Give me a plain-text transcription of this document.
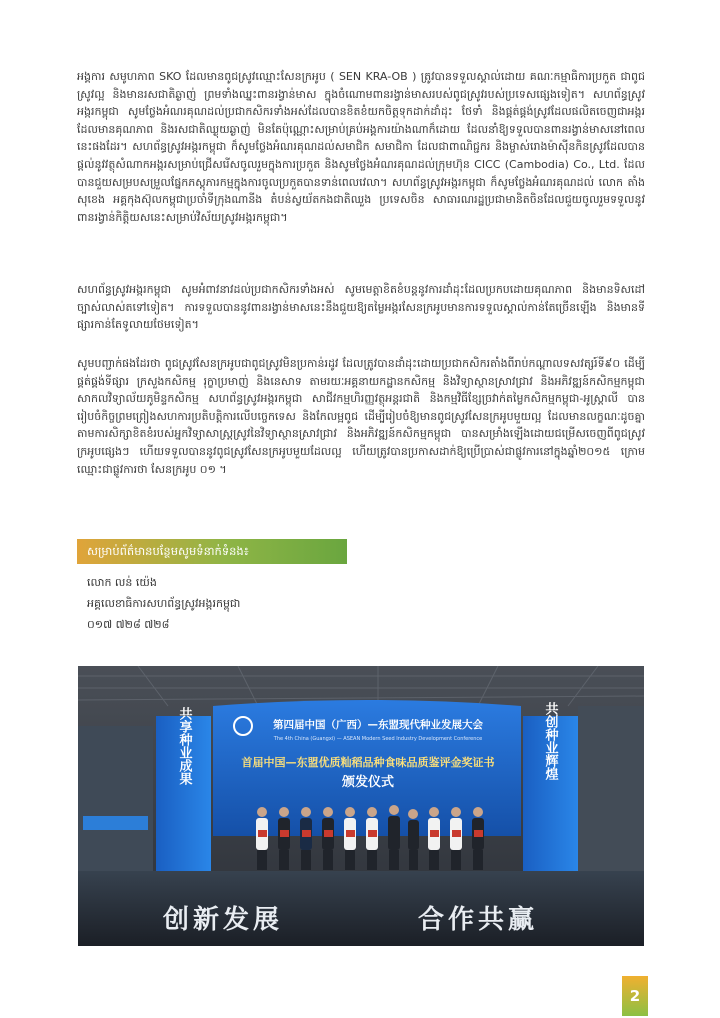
អង្គការ សមូហភាព SKO ដែលមានពូជស្រូវឈ្មោះសែនក្រអូប ( SEN KRA-OB ) ត្រូវបានទទួលស្គាល់ដោយ គណៈកម្មាធិការប្រកួត ជាពូជស្រូវល្អ និងមានរសជាតិឆ្ងាញ់ ព្រមទាំងឈ្នះពានរង្វាន់មាស ក្នុងចំណោមពានរង្វាន់មាសរបស់ពូជស្រូវរបស់ប្រទេសផ្សេងទៀត។ សហព័ន្ធស្រូវអង្ករកម្ពុជា សូមថ្លែងអំណរគុណដល់ប្រជាកសិករទាំងអស់ដែលបានខិតខំយកចិត្តទុកដាក់ដាំដុះ ថែទាំ និងផ្គត់ផ្គង់ស្រូវដែលផលិតចេញជាអង្ករដែលមានគុណភាព និងរសជាតិឈ្ងុយឆ្ងាញ់ មិនតែប៉ុណ្ណោះសម្រាប់គ្រប់អង្គការយ៉ាងណាក៏ដោយ ដែលនាំឱ្យទទួលបានពានរង្វាន់មាសនៅពេលនេះផងដែរ។ សហព័ន្ធស្រូវអង្ករកម្ពុជា ក៏សូមថ្លែងអំណរគុណដល់សមាជិក សមាជិកា ដែលជាពាណិជ្ជករ និងម្ចាស់រោងម៉ាស៊ីនកិនស្រូវដែលបានផ្តល់នូវវត្ថុសំណាកអង្ករសម្រាប់ជ្រើសរើសចូលរួមក្នុងការប្រកួត និងសូមថ្លែងអំណរគុណដល់ក្រុមហ៊ុន CICC (Cambodia) Co., Ltd. ដែលបានជួយសម្របសម្រួលផ្នែកភស្តុភារកម្មក្នុងការចូលប្រកួតបានទាន់ពេលវេលា។ សហព័ន្ធស្រូវអង្ករកម្ពុជា ក៏សូមថ្លែងអំណរគុណដល់ លោក តាំង សុខេង អគ្គកុងស៊ុលកម្ពុជាប្រចាំទីក្រុងណានីង តំបន់ស្វយ័តកងជាតិឈួង ប្រទេសចិន សាធារណរដ្ឋប្រជាមានិតចិនដែលជួយចូលរួមទទួលនូវពានរង្វាន់កិត្តិយសនេះសម្រាប់វិស័យស្រូវអង្ករកម្ពុជា។

សហព័ន្ធស្រូវអង្ករកម្ពុជា សូមអំពាវនាវដល់ប្រជាកសិករទាំងអស់ សូមមេត្តាខិតខំបន្តនូវការដាំដុះដែលប្រកបដោយគុណភាព និងមានទិសដៅច្បាស់លាស់តទៅទៀត។ ការទទួលបាននូវពានរង្វាន់មាសនេះនឹងជួយឱ្យតម្លៃអង្ករសែនក្រអូបមានការទទួលស្គាល់កាន់តែច្រើនឡើង និងមានទីផ្សារកាន់តែទូលាយថែមទៀត។

សូមបញ្ជាក់ផងដែរថា ពូជស្រូវសែនក្រអូបជាពូជស្រូវមិនប្រកាន់រដូវ ដែលត្រូវបានដាំដុះដោយប្រជាកសិករតាំងពីរាប់កណ្តាលទសវត្សរ៍ទី៩០ ដើម្បីផ្គត់ផ្គង់ទីផ្សារ ក្រសួងកសិកម្ម រុក្ខាប្រមាញ់ និងនេសាទ តាមរយៈអគ្គនាយកដ្ឋានកសិកម្ម និងវិទ្យាស្ថានស្រាវជ្រាវ និងអភិវឌ្ឍន៍កសិកម្មកម្ពុជា សាកលវិទ្យាល័យភូមិន្ទកសិកម្ម សហព័ន្ធស្រូវអង្ករកម្ពុជា សាជីវកម្មហិរញ្ញវត្ថុអន្តរជាតិ និងកម្មវិធីខ្សែច្រវាក់តម្លៃកសិកម្មកម្ពុជា-អូស្ត្រាលី បានរៀបចំកិច្ចព្រមព្រៀងសហការប្រតិបត្តិការលើបច្ចេកទេស និងកែលម្អពូជ ដើម្បីរៀបចំឱ្យមានពូជស្រូវសែនក្រអូបមួយល្អ ដែលមានលក្ខណៈដូចគ្នាតាមការសិក្សាខិតខំរបស់អ្នកវិទ្យាសាស្ត្រស្រូវនៃវិទ្យាស្ថានស្រាវជ្រាវ និងអភិវឌ្ឍន៍កសិកម្មកម្ពុជា បានសម្រាំងឡើងដោយជម្រើសចេញពីពូជស្រូវក្រអូបផ្សេងៗ ហើយទទួលបាននូវពូជស្រូវសែនក្រអូបមួយដែលល្អ ហើយត្រូវបានប្រកាសដាក់ឱ្យប្រើប្រាស់ជាផ្លូវការនៅក្នុងឆ្នាំ២០១៥ ក្រោមឈ្មោះជាផ្លូវការថា សែនក្រអូប ០១ ។

សម្រាប់ព័ត៌មានបន្ថែមសូមទំនាក់ទំនង៖
លោក លន់ យ៉េង
អគ្គលេខាធិការសហព័ន្ធស្រូវអង្ករកម្ពុជា
០១៧ ៧២៨ ៧២៨
共享种业成果	共创种业辉煌
第四届中国（广西）—东盟现代种业发展大会
The 4th China (Guangxi) — ASEAN Modern Seed Industry Development Conference
首届中国—东盟优质籼稻品种食味品质鉴评金奖证书
颁发仪式
创新发展	合作共赢
2
